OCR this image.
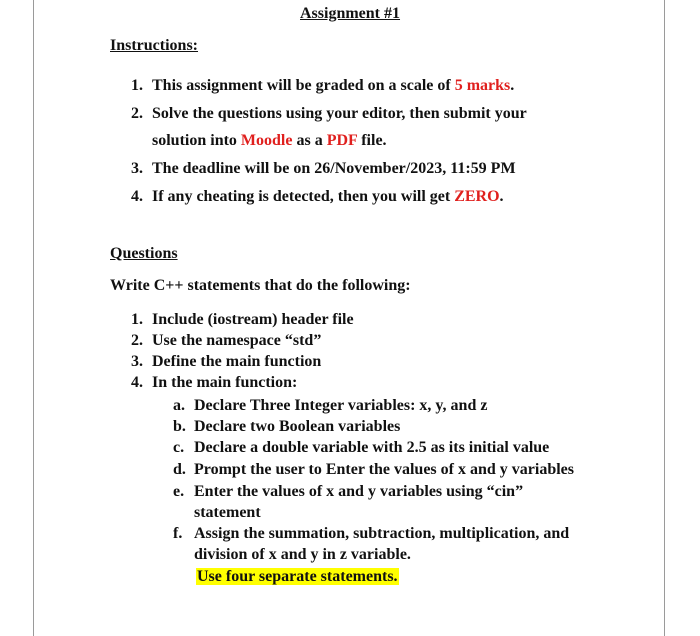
Assignment #1
Instructions:
1. This assignment will be graded on a scale of 5 marks.
2. Solve the questions using your editor, then submit your
solution into Moodle as a PDF file.
3. The deadline will be on 26/November/2023, 11:59 PM
4. If any cheating is detected, then you will get ZERO.
Questions
Write C++ statements that do the following:
1. Include (iostream) header file
2. Use the namespace “std”
3. Define the main function
4. In the main function:
a. Declare Three Integer variables: x, y, and z
b. Declare two Boolean variables
c. Declare a double variable with 2.5 as its initial value
d. Prompt the user to Enter the values of x and y variables
e. Enter the values of x and y variables using “cin”
statement
f. Assign the summation, subtraction, multiplication, and
division of x and y in z variable.
Use four separate statements.
